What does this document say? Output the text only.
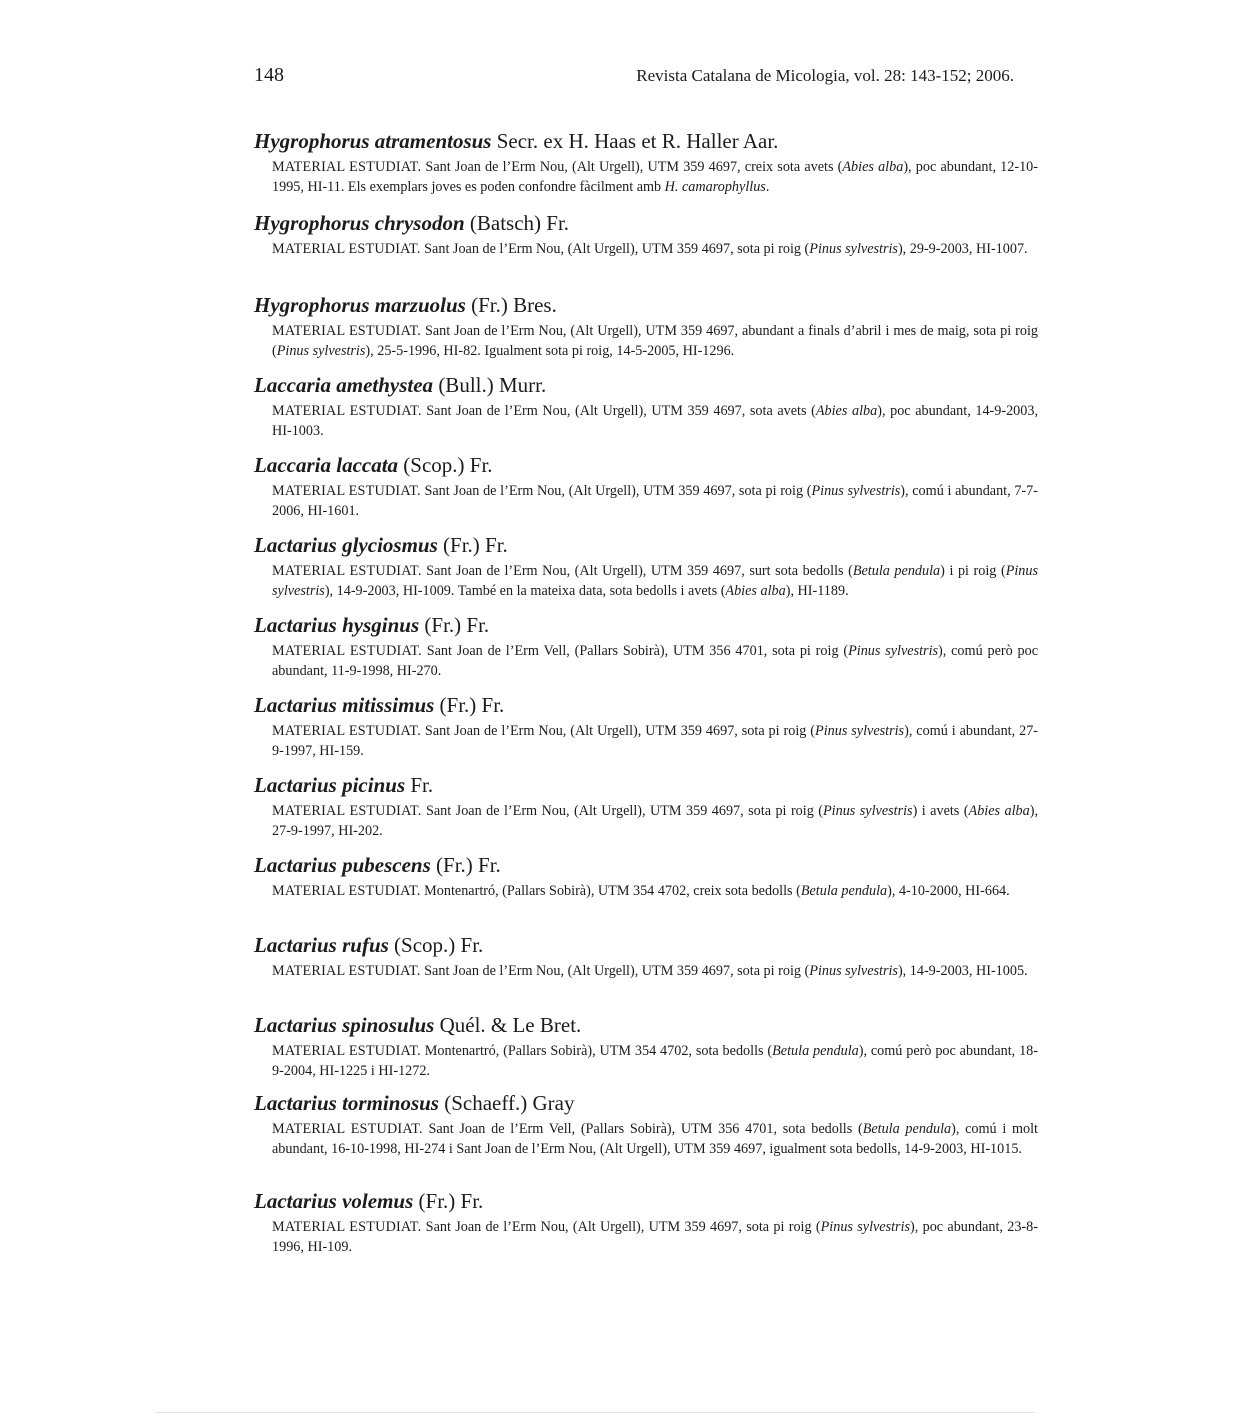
148	Revista Catalana de Micologia, vol. 28: 143-152; 2006.
Hygrophorus atramentosus Secr. ex H. Haas et R. Haller Aar.
MATERIAL ESTUDIAT. Sant Joan de l’Erm Nou, (Alt Urgell), UTM 359 4697, creix sota avets (Abies alba), poc abundant, 12-10-1995, HI-11. Els exemplars joves es poden confondre fàcilment amb H. camarophyllus.
Hygrophorus chrysodon (Batsch) Fr.
MATERIAL ESTUDIAT. Sant Joan de l’Erm Nou, (Alt Urgell), UTM 359 4697, sota pi roig (Pinus sylvestris), 29-9-2003, HI-1007.
Hygrophorus marzuolus (Fr.) Bres.
MATERIAL ESTUDIAT. Sant Joan de l’Erm Nou, (Alt Urgell), UTM 359 4697, abundant a finals d’abril i mes de maig, sota pi roig (Pinus sylvestris), 25-5-1996, HI-82. Igualment sota pi roig, 14-5-2005, HI-1296.
Laccaria amethystea (Bull.) Murr.
MATERIAL ESTUDIAT. Sant Joan de l’Erm Nou, (Alt Urgell), UTM 359 4697, sota avets (Abies alba), poc abundant, 14-9-2003, HI-1003.
Laccaria laccata (Scop.) Fr.
MATERIAL ESTUDIAT. Sant Joan de l’Erm Nou, (Alt Urgell), UTM 359 4697, sota pi roig (Pinus sylvestris), comú i abundant, 7-7-2006, HI-1601.
Lactarius glyciosmus (Fr.) Fr.
MATERIAL ESTUDIAT. Sant Joan de l’Erm Nou, (Alt Urgell), UTM 359 4697, surt sota bedolls (Betula pendula) i pi roig (Pinus sylvestris), 14-9-2003, HI-1009. També en la mateixa data, sota bedolls i avets (Abies alba), HI-1189.
Lactarius hysginus (Fr.) Fr.
MATERIAL ESTUDIAT. Sant Joan de l’Erm Vell, (Pallars Sobirà), UTM 356 4701, sota pi roig (Pinus sylvestris), comú però poc abundant, 11-9-1998, HI-270.
Lactarius mitissimus (Fr.) Fr.
MATERIAL ESTUDIAT. Sant Joan de l’Erm Nou, (Alt Urgell), UTM 359 4697, sota pi roig (Pinus sylvestris), comú i abundant, 27-9-1997, HI-159.
Lactarius picinus Fr.
MATERIAL ESTUDIAT. Sant Joan de l’Erm Nou, (Alt Urgell), UTM 359 4697, sota pi roig (Pinus sylvestris) i avets (Abies alba), 27-9-1997, HI-202.
Lactarius pubescens (Fr.) Fr.
MATERIAL ESTUDIAT. Montenartró, (Pallars Sobirà), UTM 354 4702, creix sota bedolls (Betula pendula), 4-10-2000, HI-664.
Lactarius rufus (Scop.) Fr.
MATERIAL ESTUDIAT. Sant Joan de l’Erm Nou, (Alt Urgell), UTM 359 4697, sota pi roig (Pinus sylvestris), 14-9-2003, HI-1005.
Lactarius spinosulus Quél. & Le Bret.
MATERIAL ESTUDIAT. Montenartró, (Pallars Sobirà), UTM 354 4702, sota bedolls (Betula pendula), comú però poc abundant, 18-9-2004, HI-1225 i HI-1272.
Lactarius torminosus (Schaeff.) Gray
MATERIAL ESTUDIAT. Sant Joan de l’Erm Vell, (Pallars Sobirà), UTM 356 4701, sota bedolls (Betula pendula), comú i molt abundant, 16-10-1998, HI-274 i Sant Joan de l’Erm Nou, (Alt Urgell), UTM 359 4697, igualment sota bedolls, 14-9-2003, HI-1015.
Lactarius volemus (Fr.) Fr.
MATERIAL ESTUDIAT. Sant Joan de l’Erm Nou, (Alt Urgell), UTM 359 4697, sota pi roig (Pinus sylvestris), poc abundant, 23-8-1996, HI-109.
